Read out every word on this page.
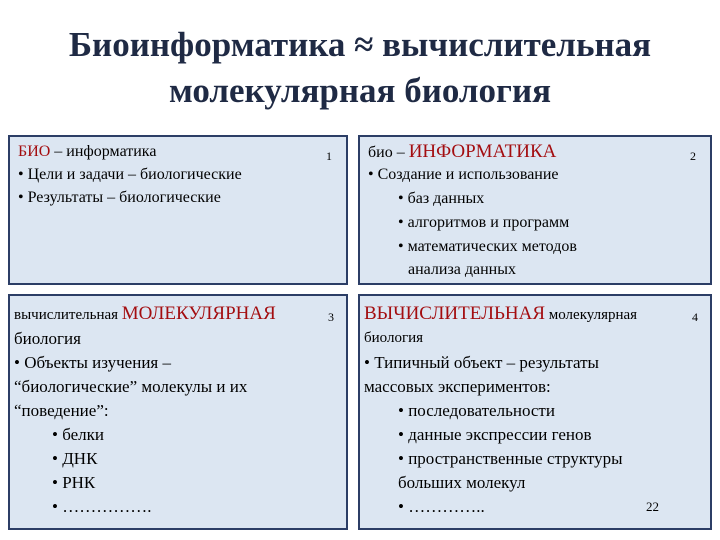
Биоинформатика ≈ вычислительная
молекулярная биология
БИО – информатика	1
• Цели и задачи – биологические
• Результаты – биологические
био – ИНФОРМАТИКА	2
• Создание и использование
• баз данных
• алгоритмов и программ
• математических методов
анализа данных
вычислительная МОЛЕКУЛЯРНАЯ	3
биология
• Объекты изучения –
“биологические” молекулы и их
“поведение”:
• белки
• ДНК
• РНК
• …………….
ВЫЧИСЛИТЕЛЬНАЯ молекулярная	4
биология
• Типичный объект – результаты
массовых экспериментов:
• последовательности
• данные экспрессии генов
• пространственные структуры
больших молекул
• …………..	22
